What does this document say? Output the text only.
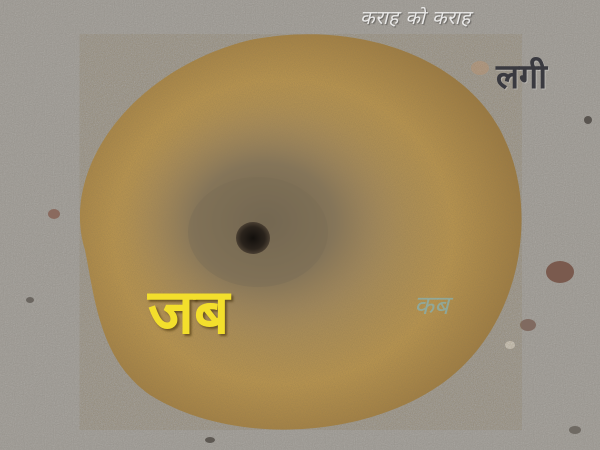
कराह को कराह
लगी
जब	कब
